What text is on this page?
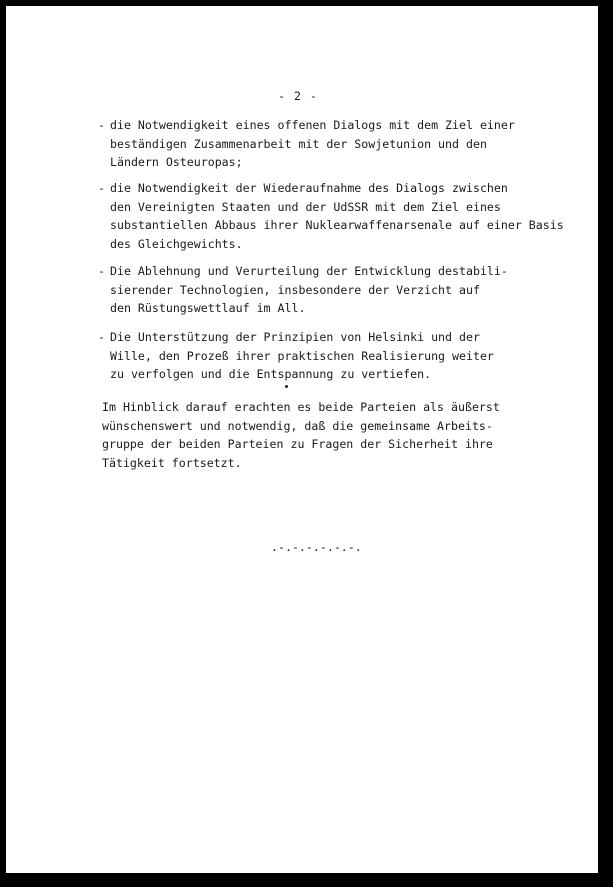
- 2 -
- die Notwendigkeit eines offenen Dialogs mit dem Ziel einer
beständigen Zusammenarbeit mit der Sowjetunion und den
Ländern Osteuropas;
- die Notwendigkeit der Wiederaufnahme des Dialogs zwischen
den Vereinigten Staaten und der UdSSR mit dem Ziel eines
substantiellen Abbaus ihrer Nuklearwaffenarsenale auf einer Basis
des Gleichgewichts.
- Die Ablehnung und Verurteilung der Entwicklung destabili-
sierender Technologien, insbesondere der Verzicht auf
den Rüstungswettlauf im All.
- Die Unterstützung der Prinzipien von Helsinki und der
Wille, den Prozeß ihrer praktischen Realisierung weiter
zu verfolgen und die Entspannung zu vertiefen.
Im Hinblick darauf erachten es beide Parteien als äußerst
wünschenswert und notwendig, daß die gemeinsame Arbeits-
gruppe der beiden Parteien zu Fragen der Sicherheit ihre
Tätigkeit fortsetzt.
.-.-.-.-.-.-.
